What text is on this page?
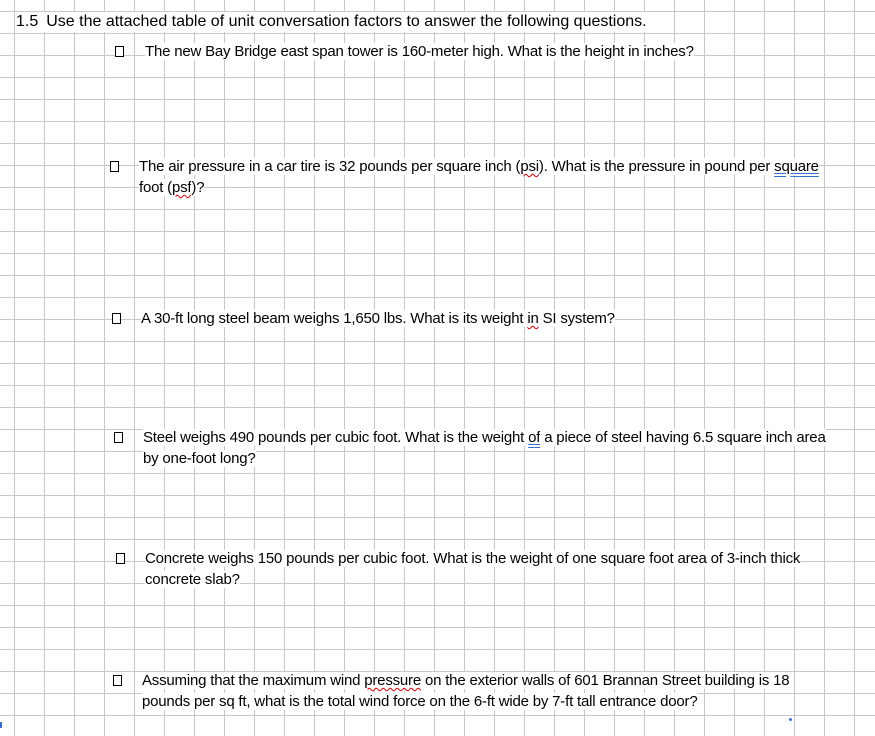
1.5 Use the attached table of unit conversation factors to answer the following questions.
The new Bay Bridge east span tower is 160-meter high. What is the height in inches?
The air pressure in a car tire is 32 pounds per square inch (psi). What is the pressure in pound per square
foot (psf)?
A 30-ft long steel beam weighs 1,650 lbs. What is its weight in SI system?
Steel weighs 490 pounds per cubic foot. What is the weight of a piece of steel having 6.5 square inch area
by one-foot long?
Concrete weighs 150 pounds per cubic foot. What is the weight of one square foot area of 3-inch thick
concrete slab?
Assuming that the maximum wind pressure on the exterior walls of 601 Brannan Street building is 18
pounds per sq ft, what is the total wind force on the 6-ft wide by 7-ft tall entrance door?
